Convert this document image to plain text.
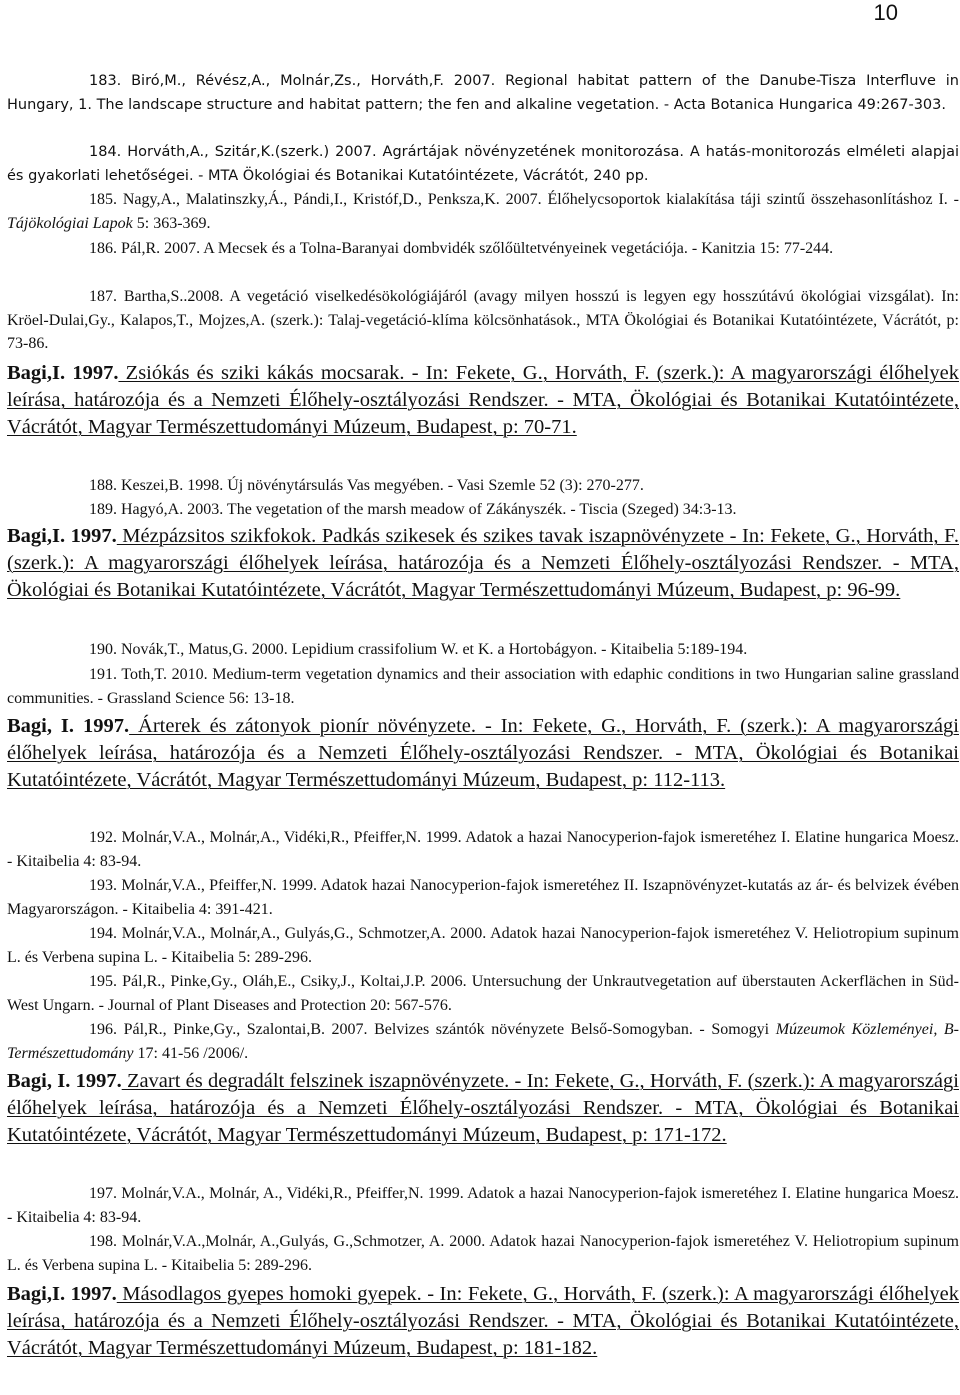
10

183. Biró,M., Révész,A., Molnár,Zs., Horváth,F. 2007. Regional habitat pattern of the Danube-Tisza Interfluve in Hungary, 1. The landscape structure and habitat pattern; the fen and alkaline vegetation. - Acta Botanica Hungarica 49:267-303.

184. Horváth,A., Szitár,K.(szerk.) 2007. Agrártájak növényzetének monitorozása. A hatás-monitorozás elméleti alapjai és gyakorlati lehetőségei. - MTA Ökológiai és Botanikai Kutatóintézete, Vácrátót, 240 pp.

185. Nagy,A., Malatinszky,Á., Pándi,I., Kristóf,D., Penksza,K. 2007. Élőhelycsoportok kialakítása táji szintű összehasonlításhoz I. - Tájökológiai Lapok 5: 363-369.

186. Pál,R. 2007. A Mecsek és a Tolna-Baranyai dombvidék szőlőültetvényeinek vegetációja. - Kanitzia 15: 77-244.

187. Bartha,S..2008. A vegetáció viselkedésökológiájáról (avagy milyen hosszú is legyen egy hosszútávú ökológiai vizsgálat). In: Kröel-Dulai,Gy., Kalapos,T., Mojzes,A. (szerk.): Talaj-vegetáció-klíma kölcsönhatások., MTA Ökológiai és Botanikai Kutatóintézete, Vácrátót, p: 73-86.

Bagi,I. 1997. Zsiókás és sziki kákás mocsarak. - In: Fekete, G., Horváth, F. (szerk.): A magyarországi élőhelyek leírása, határozója és a Nemzeti Élőhely-osztályozási Rendszer. - MTA, Ökológiai és Botanikai Kutatóintézete, Vácrátót, Magyar Természettudományi Múzeum, Budapest, p: 70-71.

188. Keszei,B. 1998. Új növénytársulás Vas megyében. - Vasi Szemle 52 (3): 270-277.

189. Hagyó,A. 2003. The vegetation of the marsh meadow of Zákányszék. - Tiscia (Szeged) 34:3-13.

Bagi,I. 1997. Mézpázsitos szikfokok. Padkás szikesek és szikes tavak iszapnövényzete - In: Fekete, G., Horváth, F. (szerk.): A magyarországi élőhelyek leírása, határozója és a Nemzeti Élőhely-osztályozási Rendszer. - MTA, Ökológiai és Botanikai Kutatóintézete, Vácrátót, Magyar Természettudományi Múzeum, Budapest, p: 96-99.

190. Novák,T., Matus,G. 2000. Lepidium crassifolium W. et K. a Hortobágyon. - Kitaibelia 5:189-194.

191. Toth,T. 2010. Medium-term vegetation dynamics and their association with edaphic conditions in two Hungarian saline grassland communities. - Grassland Science 56: 13-18.

Bagi, I. 1997. Árterek és zátonyok pionír növényzete. - In: Fekete, G., Horváth, F. (szerk.): A magyarországi élőhelyek leírása, határozója és a Nemzeti Élőhely-osztályozási Rendszer. - MTA, Ökológiai és Botanikai Kutatóintézete, Vácrátót, Magyar Természettudományi Múzeum, Budapest, p: 112-113.

192. Molnár,V.A., Molnár,A., Vidéki,R., Pfeiffer,N. 1999. Adatok a hazai Nanocyperion-fajok ismeretéhez I. Elatine hungarica Moesz. - Kitaibelia 4: 83-94.

193. Molnár,V.A., Pfeiffer,N. 1999. Adatok hazai Nanocyperion-fajok ismeretéhez II. Iszapnövényzet-kutatás az ár- és belvizek évében Magyarországon. - Kitaibelia 4: 391-421.

194. Molnár,V.A., Molnár,A., Gulyás,G., Schmotzer,A. 2000. Adatok hazai Nanocyperion-fajok ismeretéhez V. Heliotropium supinum L. és Verbena supina L. - Kitaibelia 5: 289-296.

195. Pál,R., Pinke,Gy., Oláh,E., Csiky,J., Koltai,J.P. 2006. Untersuchung der Unkrautvegetation auf überstauten Ackerflächen in Süd-West Ungarn. - Journal of Plant Diseases and Protection 20: 567-576.

196. Pál,R., Pinke,Gy., Szalontai,B. 2007. Belvizes szántók növényzete Belső-Somogyban. - Somogyi Múzeumok Közleményei, B-Természettudomány 17: 41-56 /2006/.

Bagi, I. 1997. Zavart és degradált felszinek iszapnövényzete. - In: Fekete, G., Horváth, F. (szerk.): A magyarországi élőhelyek leírása, határozója és a Nemzeti Élőhely-osztályozási Rendszer. - MTA, Ökológiai és Botanikai Kutatóintézete, Vácrátót, Magyar Természettudományi Múzeum, Budapest, p: 171-172.

197. Molnár,V.A., Molnár, A., Vidéki,R., Pfeiffer,N. 1999. Adatok a hazai Nanocyperion-fajok ismeretéhez I. Elatine hungarica Moesz. - Kitaibelia 4: 83-94.

198. Molnár,V.A.,Molnár, A.,Gulyás, G.,Schmotzer, A. 2000. Adatok hazai Nanocyperion-fajok ismeretéhez V. Heliotropium supinum L. és Verbena supina L. - Kitaibelia 5: 289-296.

Bagi,I. 1997. Másodlagos gyepes homoki gyepek. - In: Fekete, G., Horváth, F. (szerk.): A magyarországi élőhelyek leírása, határozója és a Nemzeti Élőhely-osztályozási Rendszer. - MTA, Ökológiai és Botanikai Kutatóintézete, Vácrátót, Magyar Természettudományi Múzeum, Budapest, p: 181-182.
